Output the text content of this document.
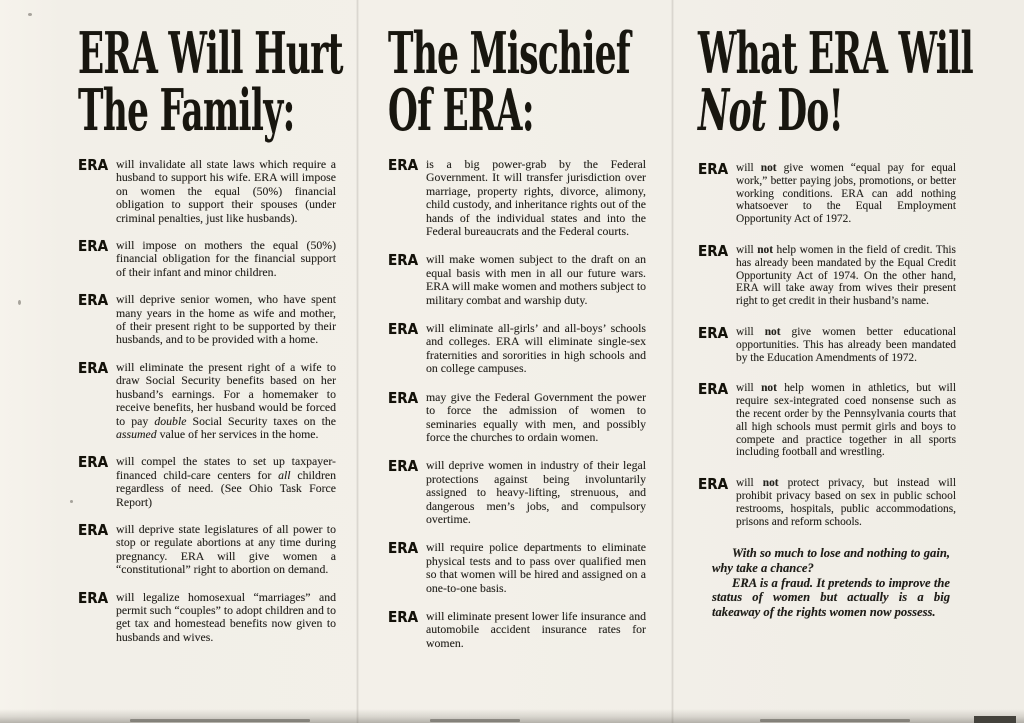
ERA Will Hurt
The Family:
ERA will invalidate all state laws which require a husband to support his wife. ERA will impose on women the equal (50%) financial obligation to support their spouses (under criminal penalties, just like husbands).

ERA will impose on mothers the equal (50%) financial obligation for the financial support of their infant and minor children.

ERA will deprive senior women, who have spent many years in the home as wife and mother, of their present right to be supported by their husbands, and to be provided with a home.

ERA will eliminate the present right of a wife to draw Social Security benefits based on her husband’s earnings. For a homemaker to receive benefits, her husband would be forced to pay double Social Security taxes on the assumed value of her services in the home.

ERA will compel the states to set up taxpayer-financed child-care centers for all children regardless of need. (See Ohio Task Force Report)

ERA will deprive state legislatures of all power to stop or regulate abortions at any time during pregnancy. ERA will give women a “constitutional” right to abortion on demand.

ERA will legalize homosexual “marriages” and permit such “couples” to adopt children and to get tax and homestead benefits now given to husbands and wives.

The Mischief
Of ERA:
ERA is a big power-grab by the Federal Government. It will transfer jurisdiction over marriage, property rights, divorce, alimony, child custody, and inheritance rights out of the hands of the individual states and into the Federal bureaucrats and the Federal courts.

ERA will make women subject to the draft on an equal basis with men in all our future wars. ERA will make women and mothers subject to military combat and warship duty.

ERA will eliminate all-girls’ and all-boys’ schools and colleges. ERA will eliminate single-sex fraternities and sororities in high schools and on college campuses.

ERA may give the Federal Government the power to force the admission of women to seminaries equally with men, and possibly force the churches to ordain women.

ERA will deprive women in industry of their legal protections against being involuntarily assigned to heavy-lifting, strenuous, and dangerous men’s jobs, and compulsory overtime.

ERA will require police departments to eliminate physical tests and to pass over qualified men so that women will be hired and assigned on a one-to-one basis.

ERA will eliminate present lower life insurance and automobile accident insurance rates for women.

What ERA Will
Not Do!
ERA will not give women “equal pay for equal work,” better paying jobs, promotions, or better working conditions. ERA can add nothing whatsoever to the Equal Employment Opportunity Act of 1972.

ERA will not help women in the field of credit. This has already been mandated by the Equal Credit Opportunity Act of 1974. On the other hand, ERA will take away from wives their present right to get credit in their husband’s name.

ERA will not give women better educational opportunities. This has already been mandated by the Education Amendments of 1972.

ERA will not help women in athletics, but will require sex-integrated coed nonsense such as the recent order by the Pennsylvania courts that all high schools must permit girls and boys to compete and practice together in all sports including football and wrestling.

ERA will not protect privacy, but instead will prohibit privacy based on sex in public school restrooms, hospitals, public accommodations, prisons and reform schools.

With so much to lose and nothing to gain, why take a chance?

ERA is a fraud. It pretends to improve the status of women but actually is a big takeaway of the rights women now possess.
